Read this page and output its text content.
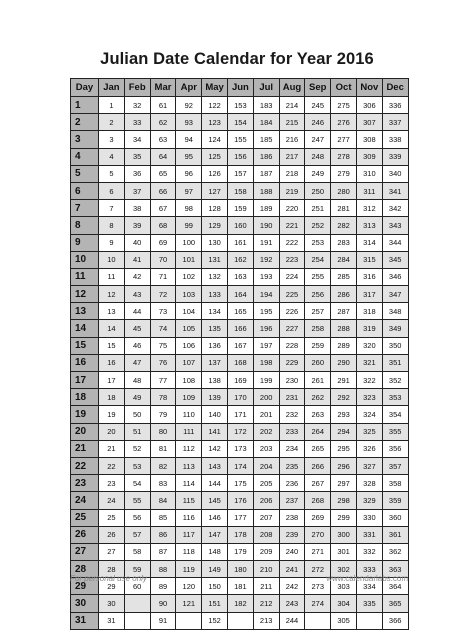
Julian Date Calendar for Year 2016
Day	Jan	Feb	Mar	Apr	May	Jun	Jul	Aug	Sep	Oct	Nov	Dec
1	1	32	61	92	122	153	183	214	245	275	306	336
2	2	33	62	93	123	154	184	215	246	276	307	337
3	3	34	63	94	124	155	185	216	247	277	308	338
4	4	35	64	95	125	156	186	217	248	278	309	339
5	5	36	65	96	126	157	187	218	249	279	310	340
6	6	37	66	97	127	158	188	219	250	280	311	341
7	7	38	67	98	128	159	189	220	251	281	312	342
8	8	39	68	99	129	160	190	221	252	282	313	343
9	9	40	69	100	130	161	191	222	253	283	314	344
10	10	41	70	101	131	162	192	223	254	284	315	345
11	11	42	71	102	132	163	193	224	255	285	316	346
12	12	43	72	103	133	164	194	225	256	286	317	347
13	13	44	73	104	134	165	195	226	257	287	318	348
14	14	45	74	105	135	166	196	227	258	288	319	349
15	15	46	75	106	136	167	197	228	259	289	320	350
16	16	47	76	107	137	168	198	229	260	290	321	351
17	17	48	77	108	138	169	199	230	261	291	322	352
18	18	49	78	109	139	170	200	231	262	292	323	353
19	19	50	79	110	140	171	201	232	263	293	324	354
20	20	51	80	111	141	172	202	233	264	294	325	355
21	21	52	81	112	142	173	203	234	265	295	326	356
22	22	53	82	113	143	174	204	235	266	296	327	357
23	23	54	83	114	144	175	205	236	267	297	328	358
24	24	55	84	115	145	176	206	237	268	298	329	359
25	25	56	85	116	146	177	207	238	269	299	330	360
26	26	57	86	117	147	178	208	239	270	300	331	361
27	27	58	87	118	148	179	209	240	271	301	332	362
28	28	59	88	119	149	180	210	241	272	302	333	363
29	29	60	89	120	150	181	211	242	273	303	334	364
30	30		90	121	151	182	212	243	274	304	335	365
31	31		91		152		213	244		305		366
For personal use only	www.calendarlabs.com
